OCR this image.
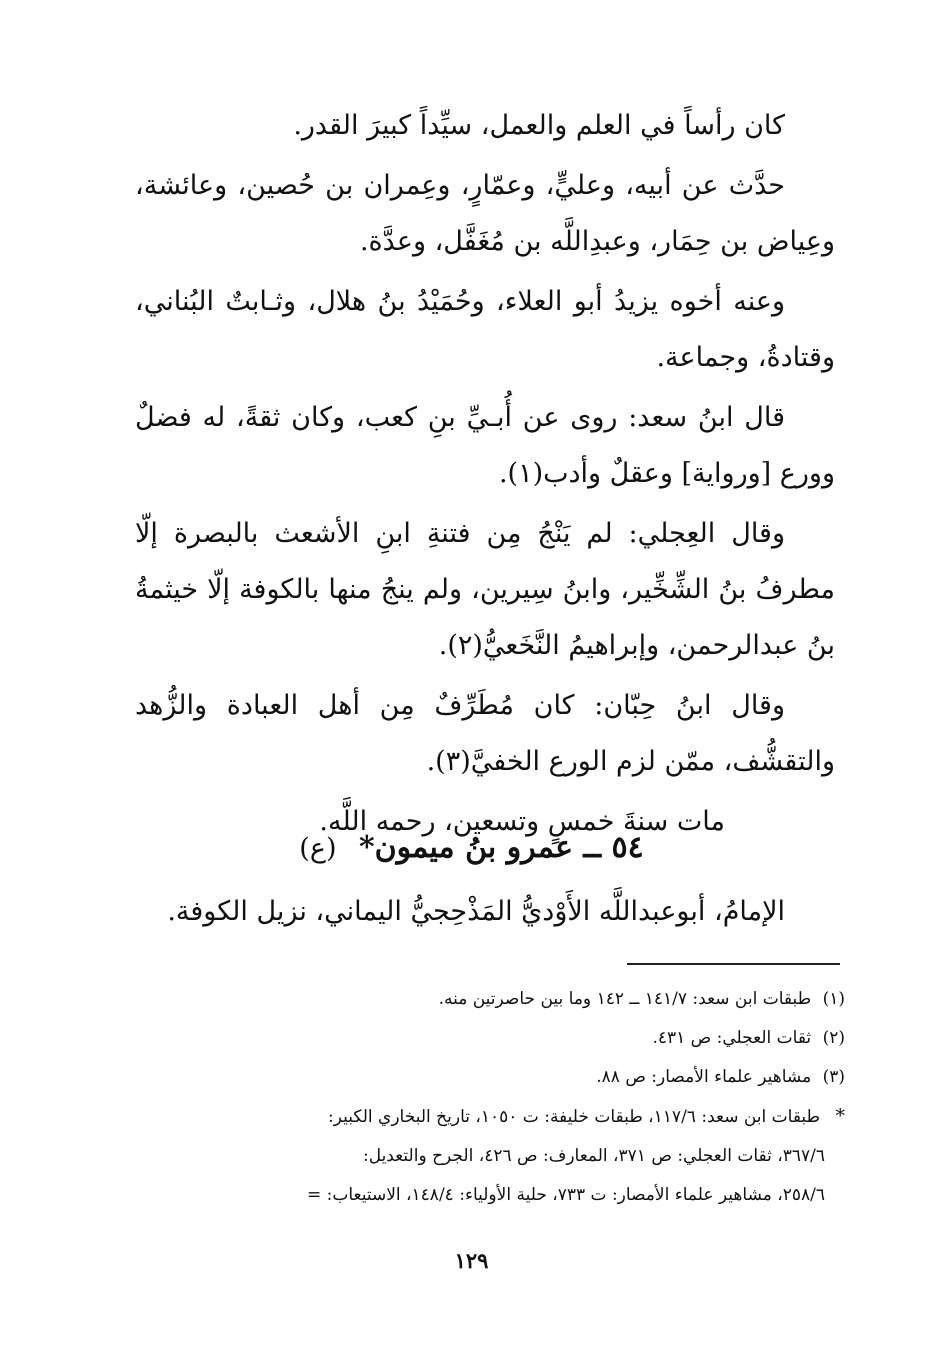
كان رأساً في العلم والعمل، سيِّداً كبيرَ القدر.

حدَّث عن أبيه، وعليٍّ، وعمّارٍ، وعِمران بن حُصين، وعائشة، وعِياض بن حِمَار، وعبدِاللَّه بن مُغَفَّل، وعدَّة.

وعنه أخوه يزيدُ أبو العلاء، وحُمَيْدُ بنُ هلال، وثـابتٌ البُناني، وقتادةُ، وجماعة.

قال ابنُ سعد: روى عن أُبـيِّ بنِ كعب، وكان ثقةً، له فضلٌ وورع [ورواية] وعقلٌ وأدب(١).

وقال العِجلي: لم يَنْجُ مِن فتنةِ ابنِ الأشعث بالبصرة إلّا مطرفُ بنُ الشِّخِّير، وابنُ سِيرين، ولم ينجُ منها بالكوفة إلّا خيثمةُ بنُ عبدالرحمن، وإبراهيمُ النَّخَعيُّ(٢).

وقال ابنُ حِبّان: كان مُطَرِّفٌ مِن أهل العبادة والزُّهد والتقشُّف، ممّن لزم الورع الخفيَّ(٣).

مات سنةَ خمسٍ وتسعين، رحمه اللَّه.

٥٤ ــ عمرو بنُ ميمون* (ع)
الإمامُ، أبوعبداللَّه الأَوْديُّ المَذْحِجيُّ اليماني، نزيل الكوفة.

(١) طبقات ابن سعد: ١٤١/٧ ــ ١٤٢ وما بين حاصرتين منه.

(٢) ثقات العجلي: ص ٤٣١.

(٣) مشاهير علماء الأمصار: ص ٨٨.

* طبقات ابن سعد: ١١٧/٦، طبقات خليفة: ت ١٠٥٠، تاريخ البخاري الكبير:

٣٦٧/٦، ثقات العجلي: ص ٣٧١، المعارف: ص ٤٢٦، الجرح والتعديل:

٢٥٨/٦، مشاهير علماء الأمصار: ت ٧٣٣، حلية الأولياء: ١٤٨/٤، الاستيعاب: =

١٢٩
